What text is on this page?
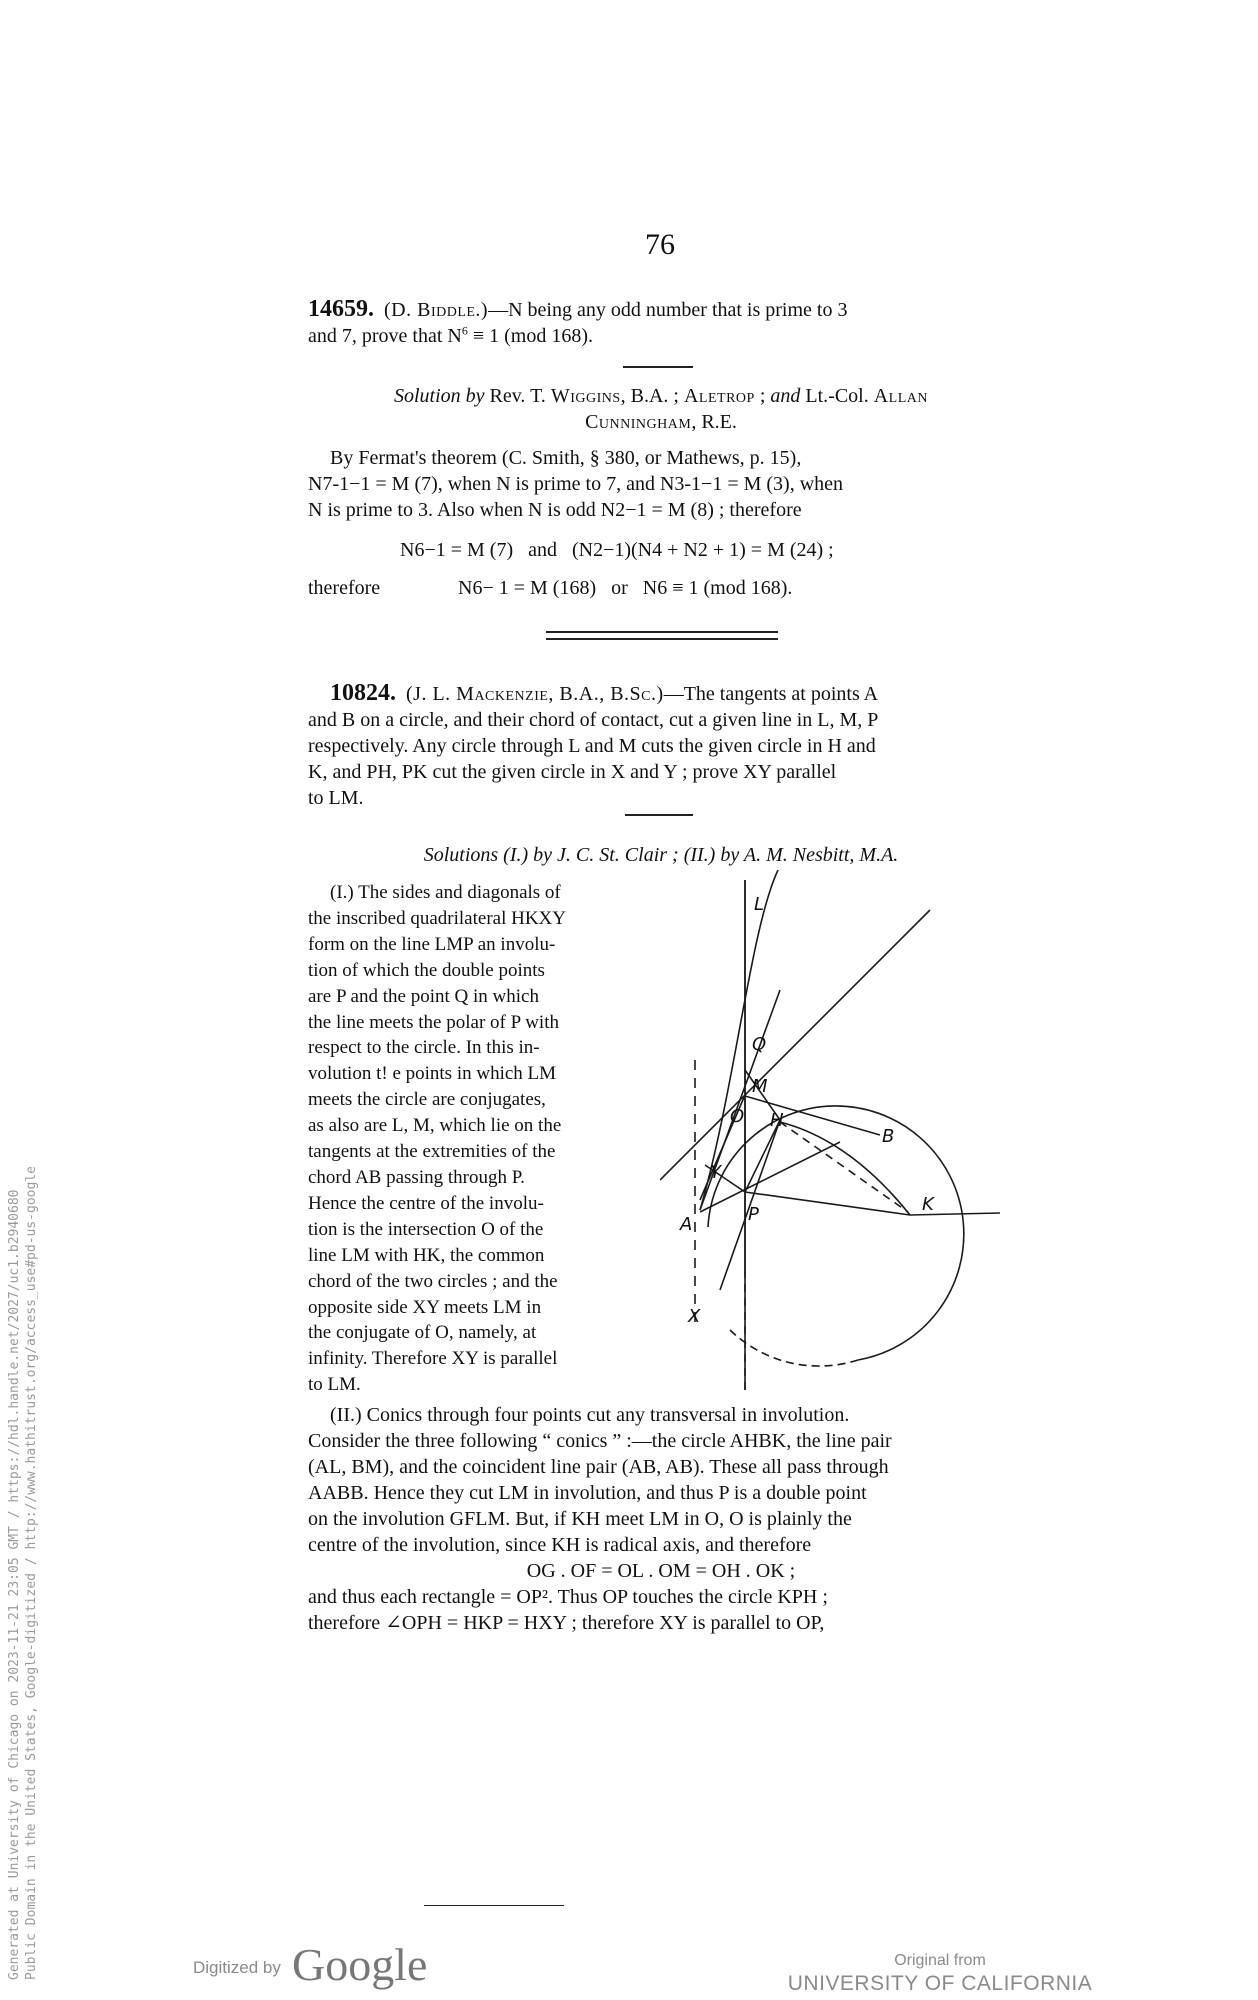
Generated at University of Chicago on 2023-11-21 23:05 GMT / https://hdl.handle.net/2027/uc1.b2940680 Public Domain in the United States, Google-digitized / http://www.hathitrust.org/access_use#pd-us-google
76
14659. (D. Biddle.)—N being any odd number that is prime to 3
and 7, prove that $N^6 \equiv 1$ (mod 168).
Solution by Rev. T. Wiggins, B.A. ; Aletrop ; and Lt.-Col. Allan
Cunningham, R.E.
By Fermat's theorem (C. Smith, § 380, or Mathews, p. 15),
N7-1−1 = M (7), when N is prime to 7, and N3-1−1 = M (3), when
N is prime to 3. Also when N is odd N2−1 = M (8) ; therefore
N6−1 = M (7)   and   (N2−1)(N4 + N2 + 1) = M (24) ;
therefore	N6− 1 = M (168)   or   N6 ≡ 1 (mod 168).
10824. (J. L. Mackenzie, B.A., B.Sc.)—The tangents at points A
and B on a circle, and their chord of contact, cut a given line in L, M, P
respectively. Any circle through L and M cuts the given circle in H and
K, and PH, PK cut the given circle in X and Y ; prove XY parallel
to LM.
Solutions (I.) by J. C. St. Clair ; (II.) by A. M. Nesbitt, M.A.
(I.) The sides and diagonals of
the inscribed quadrilateral HKXY
form on the line LMP an involu-
tion of which the double points
are P and the point Q in which
the line meets the polar of P with
respect to the circle. In this in-
volution t! e points in which LM
meets the circle are conjugates,
as also are L, M, which lie on the
tangents at the extremities of the
chord AB passing through P.
Hence the centre of the involu-
tion is the intersection O of the
line LM with HK, the common
chord of the two circles ; and the
opposite side XY meets LM in
the conjugate of O, namely, at
infinity. Therefore XY is parallel
to LM.
L
Q
M
O H
B
Y
A	P	K
X
(II.) Conics through four points cut any transversal in involution.
Consider the three following “ conics ” :—the circle AHBK, the line pair
(AL, BM), and the coincident line pair (AB, AB). These all pass through
AABB. Hence they cut LM in involution, and thus P is a double point
on the involution GFLM. But, if KH meet LM in O, O is plainly the
centre of the involution, since KH is radical axis, and therefore
OG . OF = OL . OM = OH . OK ;
and thus each rectangle = OP². Thus OP touches the circle KPH ;
therefore ∠OPH = HKP = HXY ; therefore XY is parallel to OP,
Digitized by Google	Original from
UNIVERSITY OF CALIFORNIA
